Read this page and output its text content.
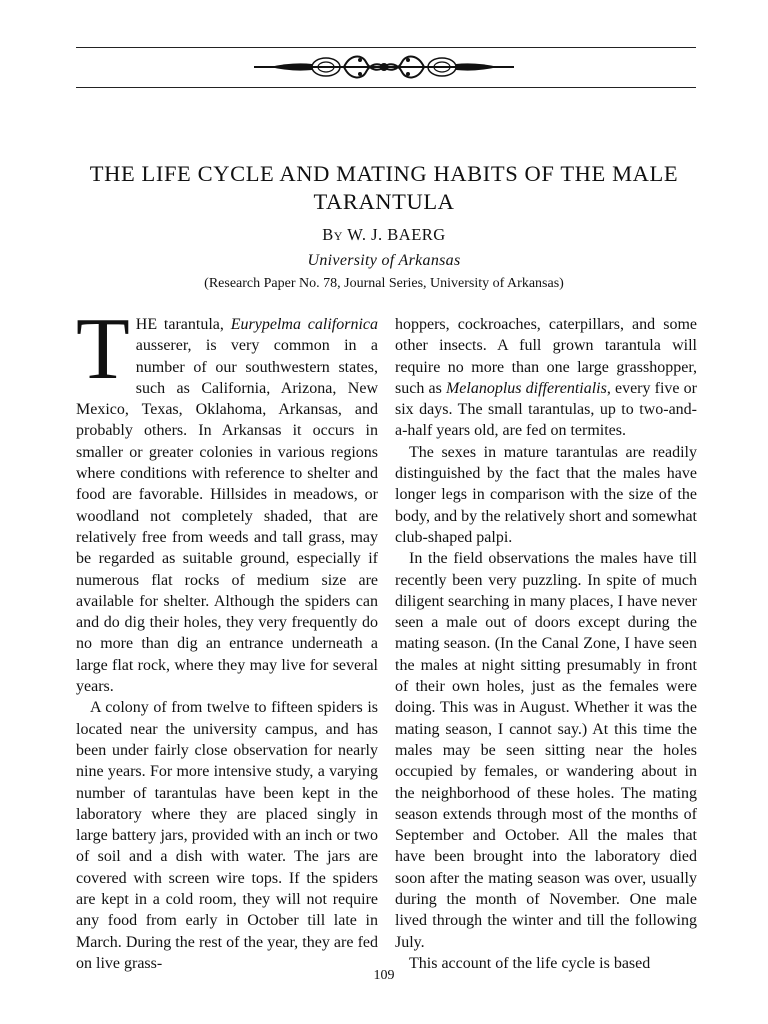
THE LIFE CYCLE AND MATING HABITS OF THE MALE TARANTULA
By W. J. BAERG
University of Arkansas
(Research Paper No. 78, Journal Series, University of Arkansas)

THE tarantula, Eurypelma californica ausserer, is very common in a number of our southwestern states, such as California, Arizona, New Mexico, Texas, Oklahoma, Arkansas, and probably others. In Arkansas it occurs in smaller or greater colonies in various regions where conditions with reference to shelter and food are favorable. Hillsides in meadows, or woodland not completely shaded, that are relatively free from weeds and tall grass, may be regarded as suitable ground, especially if numerous flat rocks of medium size are available for shelter. Although the spiders can and do dig their holes, they very frequently do no more than dig an entrance underneath a large flat rock, where they may live for several years.

A colony of from twelve to fifteen spiders is located near the university campus, and has been under fairly close observation for nearly nine years. For more intensive study, a varying number of tarantulas have been kept in the laboratory where they are placed singly in large battery jars, provided with an inch or two of soil and a dish with water. The jars are covered with screen wire tops. If the spiders are kept in a cold room, they will not require any food from early in October till late in March. During the rest of the year, they are fed on live grass-

hoppers, cockroaches, caterpillars, and some other insects. A full grown tarantula will require no more than one large grasshopper, such as Melanoplus differentialis, every five or six days. The small tarantulas, up to two-and-a-half years old, are fed on termites.

The sexes in mature tarantulas are readily distinguished by the fact that the males have longer legs in comparison with the size of the body, and by the relatively short and somewhat club-shaped palpi.

In the field observations the males have till recently been very puzzling. In spite of much diligent searching in many places, I have never seen a male out of doors except during the mating season. (In the Canal Zone, I have seen the males at night sitting presumably in front of their own holes, just as the females were doing. This was in August. Whether it was the mating season, I cannot say.) At this time the males may be seen sitting near the holes occupied by females, or wandering about in the neighborhood of these holes. The mating season extends through most of the months of September and October. All the males that have been brought into the laboratory died soon after the mating season was over, usually during the month of November. One male lived through the winter and till the following July.

This account of the life cycle is based

109
